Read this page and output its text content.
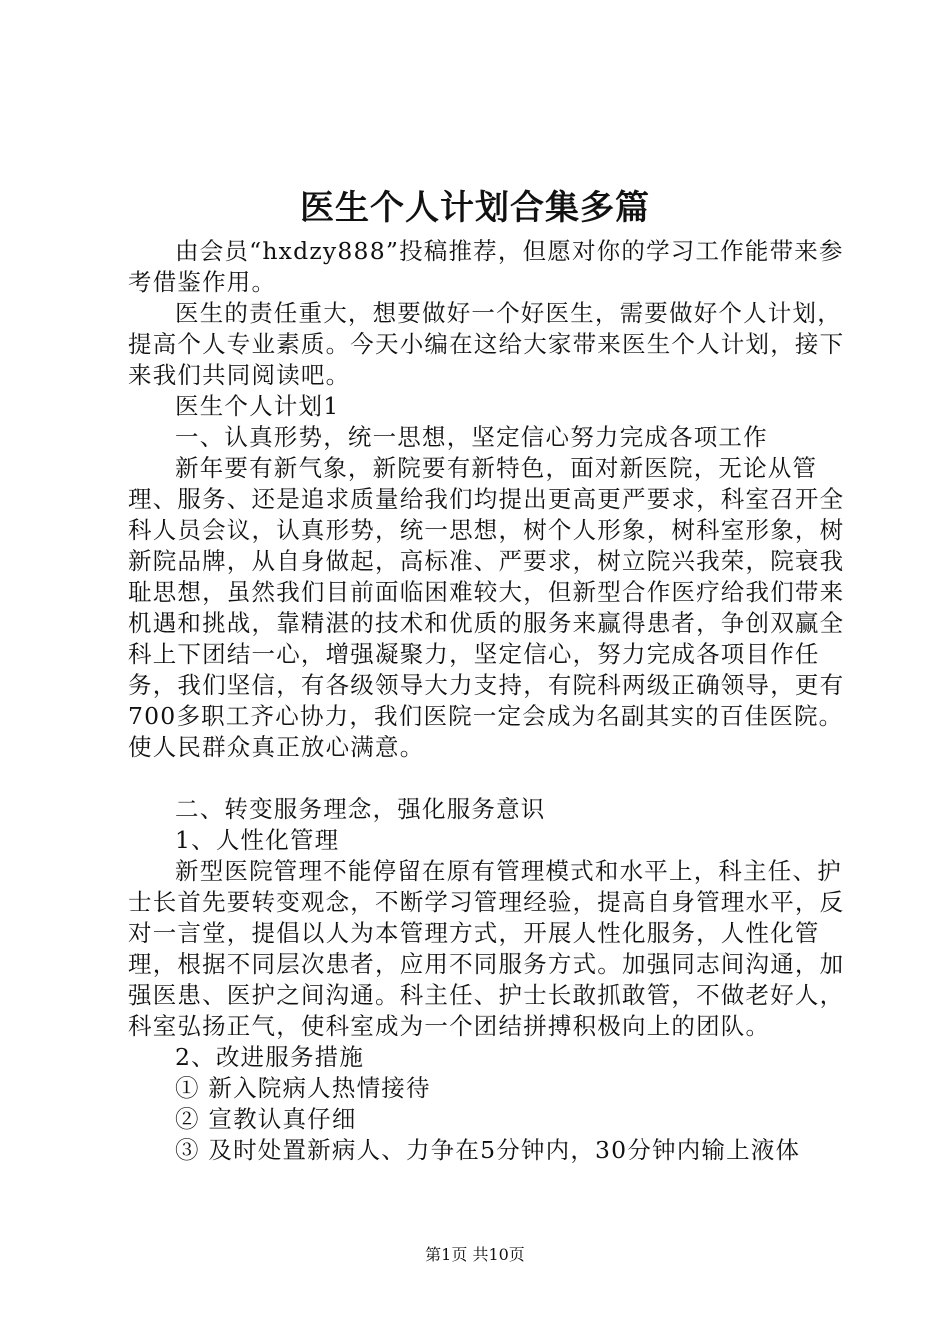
医生个人计划合集多篇

由会员“hxdzy888”投稿推荐，但愿对你的学习工作能带来参考借鉴作用。

医生的责任重大，想要做好一个好医生，需要做好个人计划，提高个人专业素质。今天小编在这给大家带来医生个人计划，接下来我们共同阅读吧。

医生个人计划1

一、认真形势，统一思想，坚定信心努力完成各项工作

新年要有新气象，新院要有新特色，面对新医院，无论从管理、服务、还是追求质量给我们均提出更高更严要求，科室召开全科人员会议，认真形势，统一思想，树个人形象，树科室形象，树新院品牌，从自身做起，高标准、严要求，树立院兴我荣，院衰我耻思想，虽然我们目前面临困难较大，但新型合作医疗给我们带来机遇和挑战，靠精湛的技术和优质的服务来赢得患者，争创双赢全科上下团结一心，增强凝聚力，坚定信心，努力完成各项目作任务，我们坚信，有各级领导大力支持，有院科两级正确领导，更有700多职工齐心协力，我们医院一定会成为名副其实的百佳医院。使人民群众真正放心满意。

二、转变服务理念，强化服务意识

1、人性化管理

新型医院管理不能停留在原有管理模式和水平上，科主任、护士长首先要转变观念，不断学习管理经验，提高自身管理水平，反对一言堂，提倡以人为本管理方式，开展人性化服务，人性化管理，根据不同层次患者，应用不同服务方式。加强同志间沟通，加强医患、医护之间沟通。科主任、护士长敢抓敢管，不做老好人，科室弘扬正气，使科室成为一个团结拼搏积极向上的团队。

2、改进服务措施

① 新入院病人热情接待

② 宣教认真仔细

③ 及时处置新病人、力争在5分钟内，30分钟内输上液体

第1页 共10页
